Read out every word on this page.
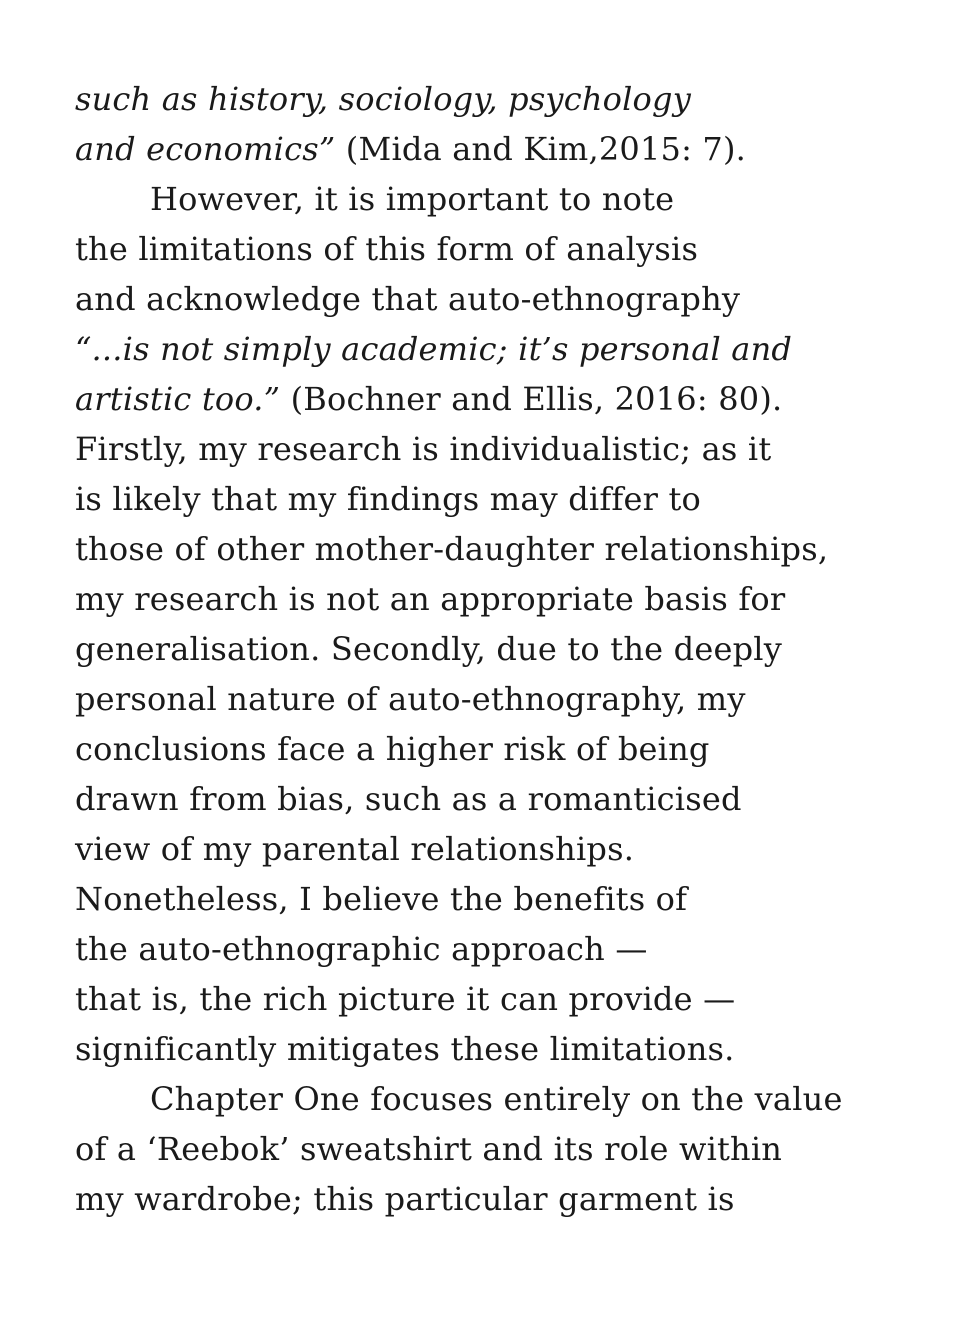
such as history, sociology, psychology
and economics” (Mida and Kim,2015: 7).
However, it is important to note
the limitations of this form of analysis
and acknowledge that auto-ethnography
“...is not simply academic; it’s personal and
artistic too.” (Bochner and Ellis, 2016: 80).
Firstly, my research is individualistic; as it
is likely that my findings may differ to
those of other mother-daughter relationships,
my research is not an appropriate basis for
generalisation. Secondly, due to the deeply
personal nature of auto-ethnography, my
conclusions face a higher risk of being
drawn from bias, such as a romanticised
view of my parental relationships.
Nonetheless, I believe the benefits of
the auto-ethnographic approach —
that is, the rich picture it can provide —
significantly mitigates these limitations.
Chapter One focuses entirely on the value
of a ‘Reebok’ sweatshirt and its role within
my wardrobe; this particular garment is
